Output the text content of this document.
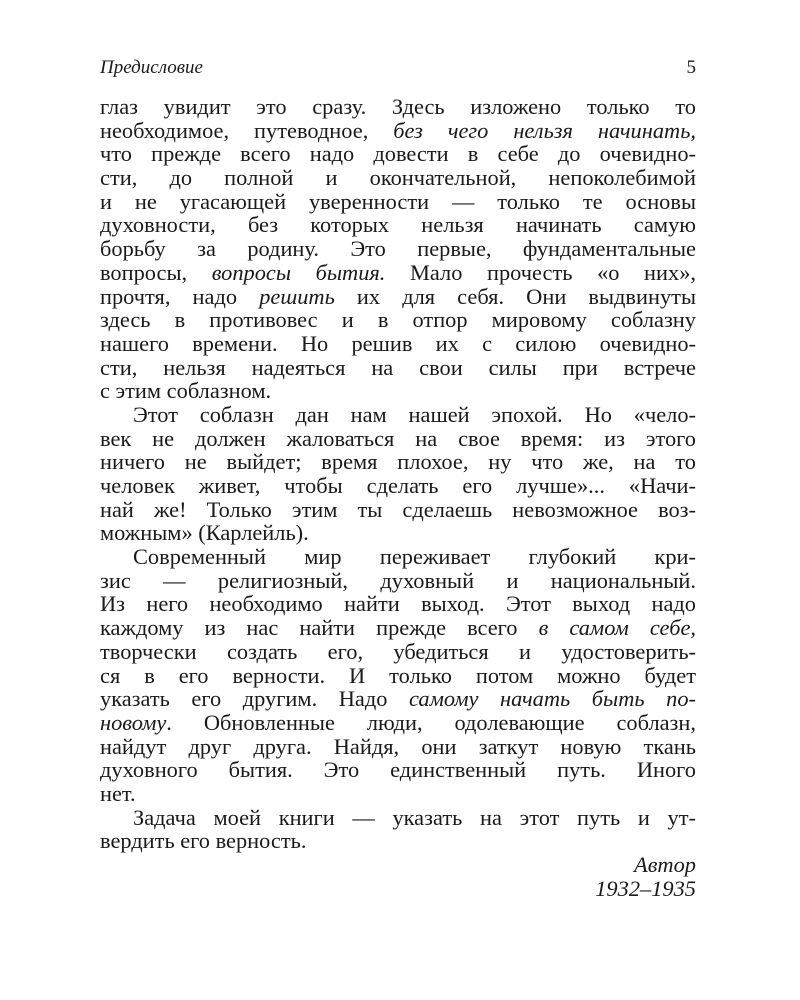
Предисловие	5
глаз увидит это сразу. Здесь изложено только то
необходимое, путеводное, без чего нельзя начинать,
что прежде всего надо довести в себе до очевидно-
сти, до полной и окончательной, непоколебимой
и не угасающей уверенности — только те основы
духовности, без которых нельзя начинать самую
борьбу за родину. Это первые, фундаментальные
вопросы, вопросы бытия. Мало прочесть «о них»,
прочтя, надо решить их для себя. Они выдвинуты
здесь в противовес и в отпор мировому соблазну
нашего времени. Но решив их с силою очевидно-
сти, нельзя надеяться на свои силы при встрече
с этим соблазном.
Этот соблазн дан нам нашей эпохой. Но «чело-
век не должен жаловаться на свое время: из этого
ничего не выйдет; время плохое, ну что же, на то
человек живет, чтобы сделать его лучше»... «Начи-
най же! Только этим ты сделаешь невозможное воз-
можным» (Карлейль).
Современный мир переживает глубокий кри-
зис — религиозный, духовный и национальный.
Из него необходимо найти выход. Этот выход надо
каждому из нас найти прежде всего в самом себе,
творчески создать его, убедиться и удостоверить-
ся в его верности. И только потом можно будет
указать его другим. Надо самому начать быть по-
новому. Обновленные люди, одолевающие соблазн,
найдут друг друга. Найдя, они заткут новую ткань
духовного бытия. Это единственный путь. Иного
нет.
Задача моей книги — указать на этот путь и ут-
вердить его верность.
Автор
1932–1935
